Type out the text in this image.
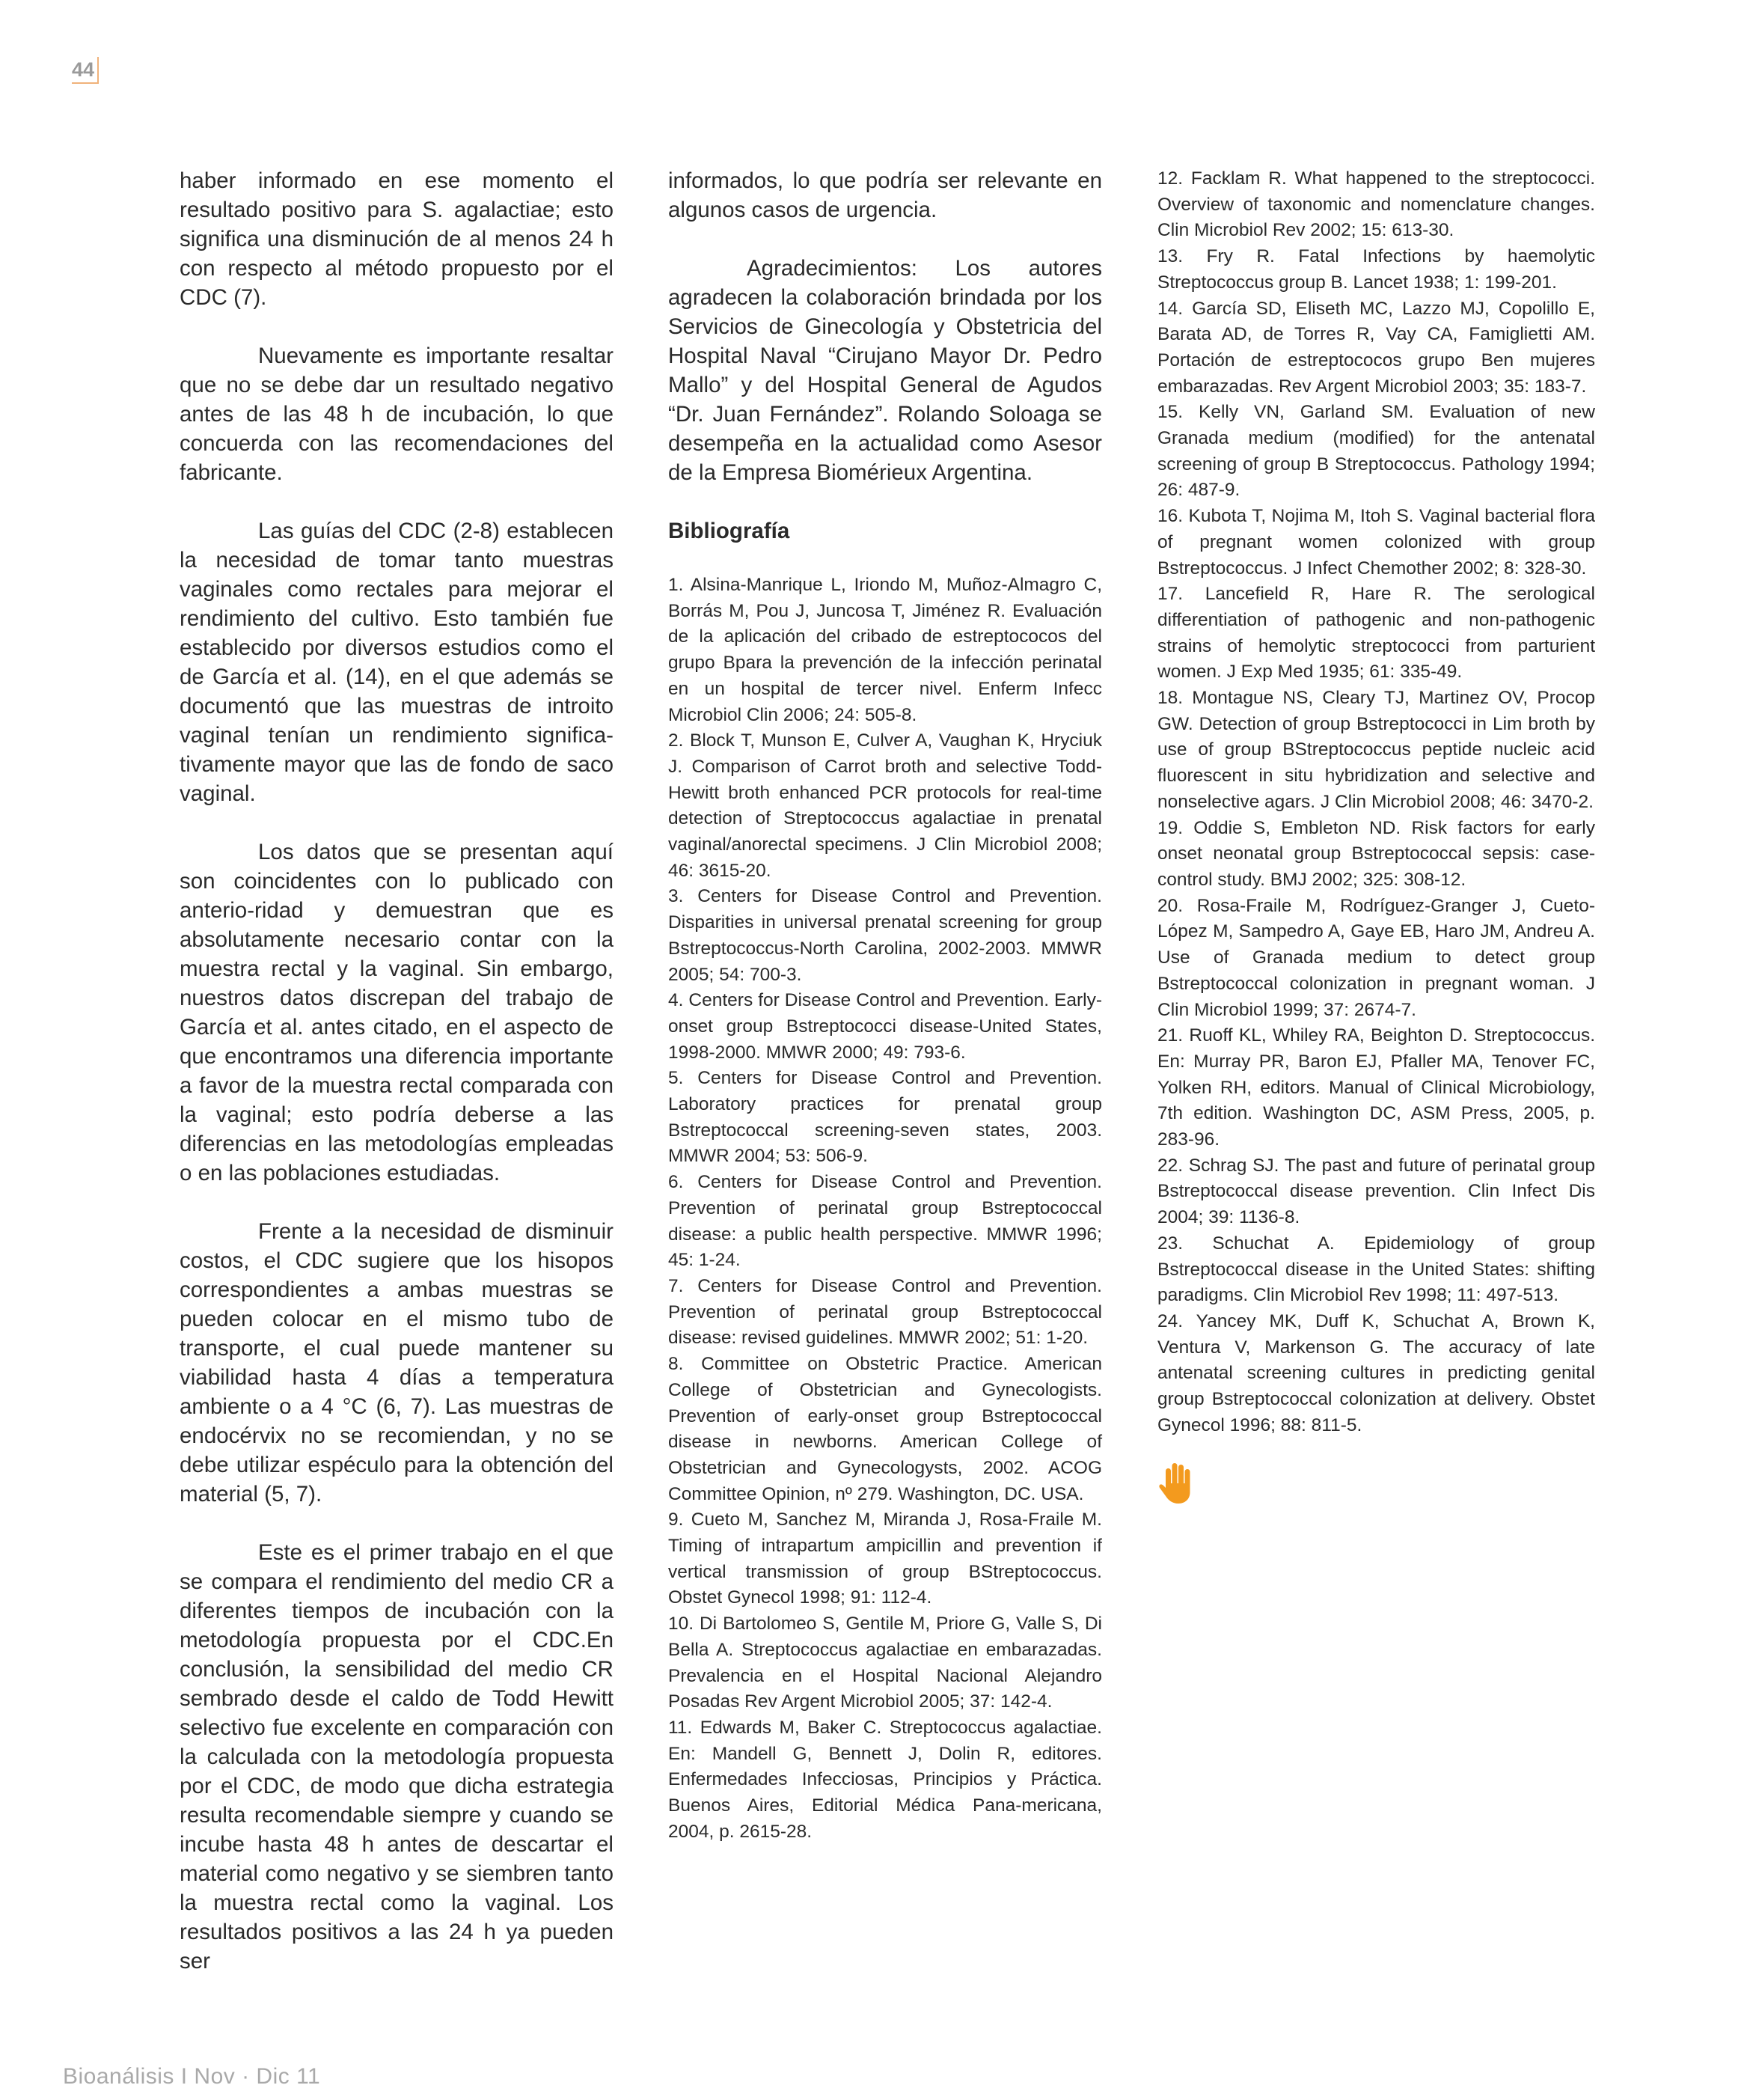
44

haber informado en ese momento el resultado positivo para S. agalactiae; esto significa una disminución de al menos 24 h con respecto al método propuesto por el CDC (7).

Nuevamente es importante resaltar que no se debe dar un resultado negativo antes de las 48 h de incubación, lo que concuerda con las recomendaciones del fabricante.

Las guías del CDC (2-8) establecen la necesidad de tomar tanto muestras vaginales como rectales para mejorar el rendimiento del cultivo. Esto también fue establecido por diversos estudios como el de García et al. (14), en el que además se documentó que las muestras de introito vaginal tenían un rendimiento significa-tivamente mayor que las de fondo de saco vaginal.

Los datos que se presentan aquí son coincidentes con lo publicado con anterio-ridad y demuestran que es absolutamente necesario contar con la muestra rectal y la vaginal. Sin embargo, nuestros datos discrepan del trabajo de García et al. antes citado, en el aspecto de que encontramos una diferencia importante a favor de la muestra rectal comparada con la vaginal; esto podría deberse a las diferencias en las metodologías empleadas o en las poblaciones estudiadas.

Frente a la necesidad de disminuir costos, el CDC sugiere que los hisopos correspondientes a ambas muestras se pueden colocar en el mismo tubo de transporte, el cual puede mantener su viabilidad hasta 4 días a temperatura ambiente o a 4 °C (6, 7). Las muestras de endocérvix no se recomiendan, y no se debe utilizar espéculo para la obtención del material (5, 7).

Este es el primer trabajo en el que se compara el rendimiento del medio CR a diferentes tiempos de incubación con la metodología propuesta por el CDC.En conclusión, la sensibilidad del medio CR sembrado desde el caldo de Todd Hewitt selectivo fue excelente en comparación con la calculada con la metodología propuesta por el CDC, de modo que dicha estrategia resulta recomendable siempre y cuando se incube hasta 48 h antes de descartar el material como negativo y se siembren tanto la muestra rectal como la vaginal. Los resultados positivos a las 24 h ya pueden ser

informados, lo que podría ser relevante en algunos casos de urgencia.

Agradecimientos: Los autores agradecen la colaboración brindada por los Servicios de Ginecología y Obstetricia del Hospital Naval “Cirujano Mayor Dr. Pedro Mallo” y del Hospital General de Agudos “Dr. Juan Fernández”. Rolando Soloaga se desempeña en la actualidad como Asesor de la Empresa Biomérieux Argentina.

Bibliografía

1. Alsina-Manrique L, Iriondo M, Muñoz-Almagro C, Borrás M, Pou J, Juncosa T, Jiménez R. Evaluación de la aplicación del cribado de estreptococos del grupo Bpara la prevención de la infección perinatal en un hospital de tercer nivel. Enferm Infecc Microbiol Clin 2006; 24: 505-8.

2. Block T, Munson E, Culver A, Vaughan K, Hryciuk J. Comparison of Carrot broth and selective Todd-Hewitt broth enhanced PCR protocols for real-time detection of Streptococcus agalactiae in prenatal vaginal/anorectal specimens. J Clin Microbiol 2008; 46: 3615-20.

3. Centers for Disease Control and Prevention. Disparities in universal prenatal screening for group Bstreptococcus-North Carolina, 2002-2003. MMWR 2005; 54: 700-3.

4. Centers for Disease Control and Prevention. Early-onset group Bstreptococci disease-United States, 1998-2000. MMWR 2000; 49: 793-6.

5. Centers for Disease Control and Prevention. Laboratory practices for prenatal group Bstreptococcal screening-seven states, 2003. MMWR 2004; 53: 506-9.

6. Centers for Disease Control and Prevention. Prevention of perinatal group Bstreptococcal disease: a public health perspective. MMWR 1996; 45: 1-24.

7. Centers for Disease Control and Prevention. Prevention of perinatal group Bstreptococcal disease: revised guidelines. MMWR 2002; 51: 1-20.

8. Committee on Obstetric Practice. American College of Obstetrician and Gynecologists. Prevention of early-onset group Bstreptococcal disease in newborns. American College of Obstetrician and Gynecologysts, 2002. ACOG Committee Opinion, nº 279. Washington, DC. USA.

9. Cueto M, Sanchez M, Miranda J, Rosa-Fraile M. Timing of intrapartum ampicillin and prevention if vertical transmission of group BStreptococcus. Obstet Gynecol 1998; 91: 112-4.

10. Di Bartolomeo S, Gentile M, Priore G, Valle S, Di Bella A. Streptococcus agalactiae en embarazadas. Prevalencia en el Hospital Nacional Alejandro Posadas Rev Argent Microbiol 2005; 37: 142-4.

11. Edwards M, Baker C. Streptococcus agalactiae. En: Mandell G, Bennett J, Dolin R, editores. Enfermedades Infecciosas, Principios y Práctica. Buenos Aires, Editorial Médica Pana-mericana, 2004, p. 2615-28.

12. Facklam R. What happened to the streptococci. Overview of taxonomic and nomenclature changes. Clin Microbiol Rev 2002; 15: 613-30.

13. Fry R. Fatal Infections by haemolytic Streptococcus group B. Lancet 1938; 1: 199-201.

14. García SD, Eliseth MC, Lazzo MJ, Copolillo E, Barata AD, de Torres R, Vay CA, Famiglietti AM. Portación de estreptococos grupo Ben mujeres embarazadas. Rev Argent Microbiol 2003; 35: 183-7.

15. Kelly VN, Garland SM. Evaluation of new Granada medium (modified) for the antenatal screening of group B Streptococcus. Pathology 1994; 26: 487-9.

16. Kubota T, Nojima M, Itoh S. Vaginal bacterial flora of pregnant women colonized with group Bstreptococcus. J Infect Chemother 2002; 8: 328-30.

17. Lancefield R, Hare R. The serological differentiation of pathogenic and non-pathogenic strains of hemolytic streptococci from parturient women. J Exp Med 1935; 61: 335-49.

18. Montague NS, Cleary TJ, Martinez OV, Procop GW. Detection of group Bstreptococci in Lim broth by use of group BStreptococcus peptide nucleic acid fluorescent in situ hybridization and selective and nonselective agars. J Clin Microbiol 2008; 46: 3470-2.

19. Oddie S, Embleton ND. Risk factors for early onset neonatal group Bstreptococcal sepsis: case-control study. BMJ 2002; 325: 308-12.

20. Rosa-Fraile M, Rodríguez-Granger J, Cueto-López M, Sampedro A, Gaye EB, Haro JM, Andreu A. Use of Granada medium to detect group Bstreptococcal colonization in pregnant woman. J Clin Microbiol 1999; 37: 2674-7.

21. Ruoff KL, Whiley RA, Beighton D. Streptococcus. En: Murray PR, Baron EJ, Pfaller MA, Tenover FC, Yolken RH, editors. Manual of Clinical Microbiology, 7th edition. Washington DC, ASM Press, 2005, p. 283-96.

22. Schrag SJ. The past and future of perinatal group Bstreptococcal disease prevention. Clin Infect Dis 2004; 39: 1136-8.

23. Schuchat A. Epidemiology of group Bstreptococcal disease in the United States: shifting paradigms. Clin Microbiol Rev 1998; 11: 497-513.

24. Yancey MK, Duff K, Schuchat A, Brown K, Ventura V, Markenson G. The accuracy of late antenatal screening cultures in predicting genital group Bstreptococcal colonization at delivery. Obstet Gynecol 1996; 88: 811-5.

Bioanálisis I Nov · Dic 11
